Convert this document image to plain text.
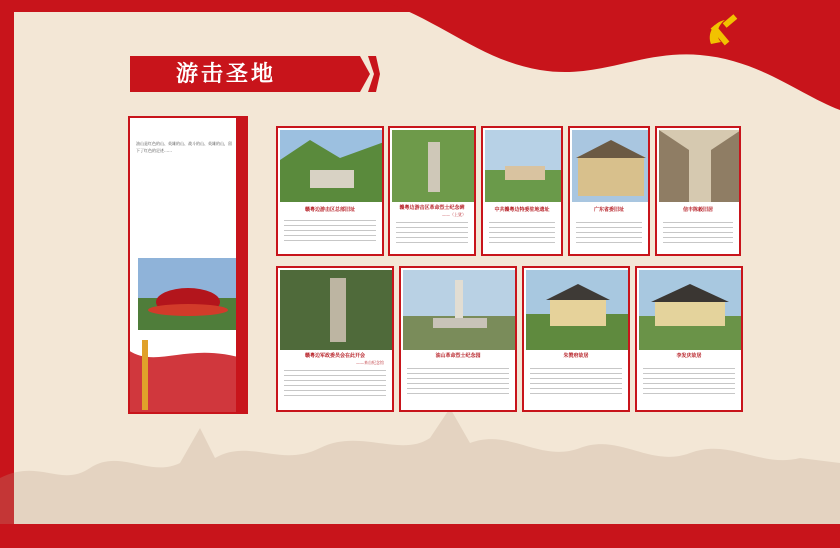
游击圣地
油山是红色的山、英雄的山、战斗的山、英雄的山，留下了红色的足迹……
赣粤边游击区总部旧址	赣粤边游击区革命烈士纪念碑
——（上犹）
中共赣粤边特委驻地遗址	广东省委旧址	信丰陈毅旧居
赣粤边军政委员会在此开会
——来自纪念馆
油山革命烈士纪念园	朱赞府故居	李发庆故居
